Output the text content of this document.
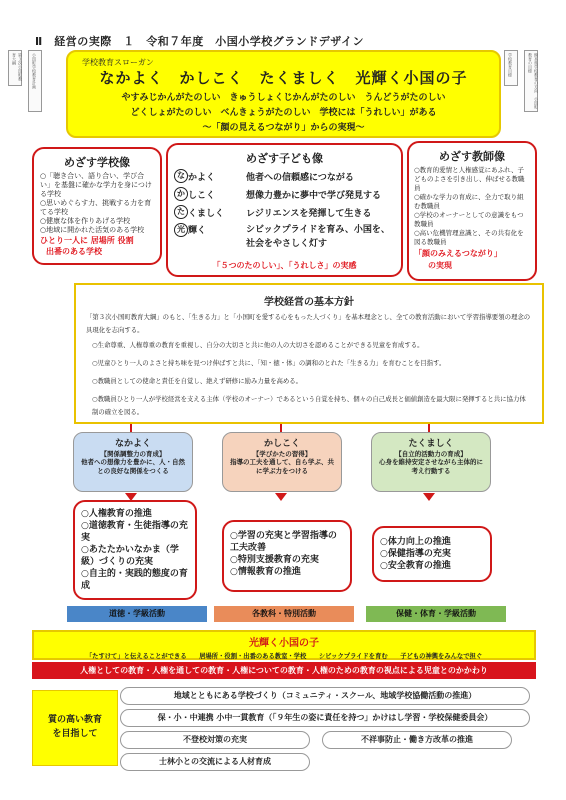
Ⅱ　経営の実際　１　令和７年度　小国小学校グランドデザイン
第３次小国町教育大綱	小国町学校教育計画	学校教育目標	熊本県学校教育の方向　小国町教育の目標
学校教育スローガン
なかよく　かしこく　たくましく　光輝く小国の子
やすみじかんがたのしい　きゅうしょくじかんがたのしい　うんどうがたのしい
どくしょがたのしい　べんきょうがたのしい　学校には「うれしい」がある
～「顔の見えるつながり」からの実現～
めざす学校像
○「聴き合い、語り合い、学び合い」を基盤に確かな学力を身につける学校
○思いめぐらす力、挑戦する力を育てる学校
○健康な体を作りあげる学校
○地域に開かれた活気のある学校
ひとり一人に 居場所 役割
出番のある学校
めざす子ども像
な かよく	他者への信頼感につながる
か しこく	想像力豊かに夢中で学び発見する
た くましく	レジリエンスを発揮して生きる
光 輝く	シビックプライドを育み、小国を、社会をやさしく灯す
「５つのたのしい」、「うれしさ」の実感
めざす教師像
○教育的愛情と人権感覚にあふれ、子どものよさを引き出し、伸ばせる教職員
○確かな学力の育成に、全力で取り組む教職員
○学校のオーナーとしての意識をもつ教職員
○高い危機管理意識と、その共有化を図る教職員
「顔のみえるつながり」
の実現
学校経営の基本方針
「第３次小国町教育大綱」のもと、「生きる力」と「小国町を愛する心をもった人づくり」を基本理念とし、全ての教育活動において学習指導要領の理念の具現化を志向する。
○生命尊重、人権尊重の教育を重視し、自分の大切さと共に他の人の大切さを認めることができる児童を育成する。
○児童ひとり一人のよさと持ち味を見つけ伸ばすと共に、「知・徳・体」の調和のとれた「生きる力」を育むことを目指す。
○教職員としての使命と責任を自覚し、絶えず研修に励み力量を高める。
○教職員ひとり一人が学校経営を支える主体（学校のオーナー）であるという自覚を持ち、個々の自己成長と価値創造を最大限に発揮すると共に協力体制の確立を図る。
なかよく
【関係調整力の育成】
他者への想像力を豊かに、人・自然との良好な関係をつくる
かしこく
【学びかたの習得】
指導の工夫を通して、自ら学ぶ、共に学ぶ力をつける
たくましく
【自立的活動力の育成】
心身を維持安定させながら主体的に考え行動する
○人権教育の推進
○道徳教育・生徒指導の充実
○あたたかいなかま（学級）づくりの充実
○自主的・実践的態度の育成
○学習の充実と学習指導の工夫改善
○特別支援教育の充実
○情報教育の推進
○体力向上の推進
○保健指導の充実
○安全教育の推進
道徳・学級活動	各教科・特別活動	保健・体育・学級活動
光輝く小国の子
「たすけて」と伝えることができる　　居場所・役割・出番のある教室・学校　　シビックプライドを育む　　子どもの神輿をみんなで担ぐ
人権としての教育・人権を通しての教育・人権についての教育・人権のための教育の視点による児童とのかかわり
質の高い教育
を目指して
地域とともにある学校づくり（コミュニティ・スクール、地域学校協働活動の推進）
保・小・中連携 小中一貫教育（「９年生の姿に責任を持つ」かけはし学習・学校保健委員会）
不登校対策の充実	不祥事防止・働き方改革の推進
士林小との交流による人材育成
